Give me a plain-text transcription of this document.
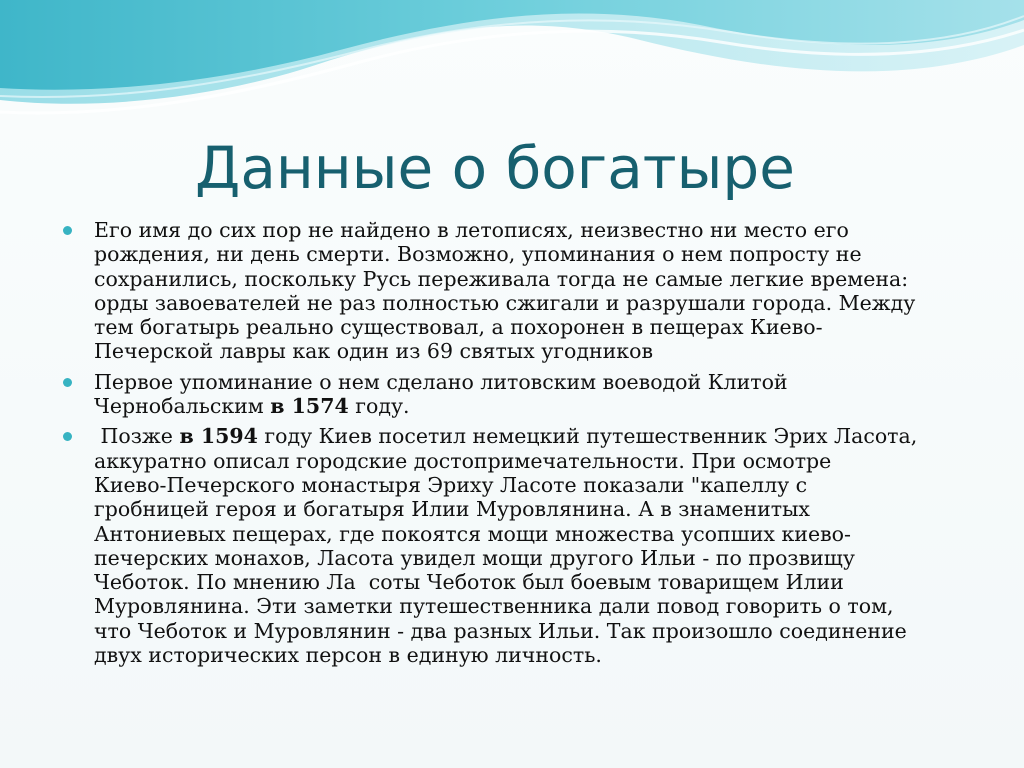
Данные о богатыре
Его имя до сих пор не найдено в летописях, неизвестно ни место его
рождения, ни день смерти. Возможно, упоминания о нем попросту не
сохранились, поскольку Русь переживала тогда не самые легкие времена:
орды завоевателей не раз полностью сжигали и разрушали города. Между
тем богатырь реально существовал, а похоронен в пещерах Киево-
Печерской лавры как один из 69 святых угодников
Первое упоминание о нем сделано литовским воеводой Клитой
Чернобальским в 1574 году.
Позже в 1594 году Киев посетил немецкий путешественник Эрих Ласота,
аккуратно описал городские достопримечательности. При осмотре
Киево-Печерского монастыря Эриху Ласоте показали "капеллу с
гробницей героя и богатыря Илии Муровлянина. А в знаменитых
Антониевых пещерах, где покоятся мощи множества усопших киево-
печерских монахов, Ласота увидел мощи другого Ильи - по прозвищу
Чеботок. По мнению Ла  соты Чеботок был боевым товарищем Илии
Муровлянина. Эти заметки путешественника дали повод говорить о том,
что Чеботок и Муровлянин - два разных Ильи. Так произошло соединение
двух исторических персон в единую личность.
